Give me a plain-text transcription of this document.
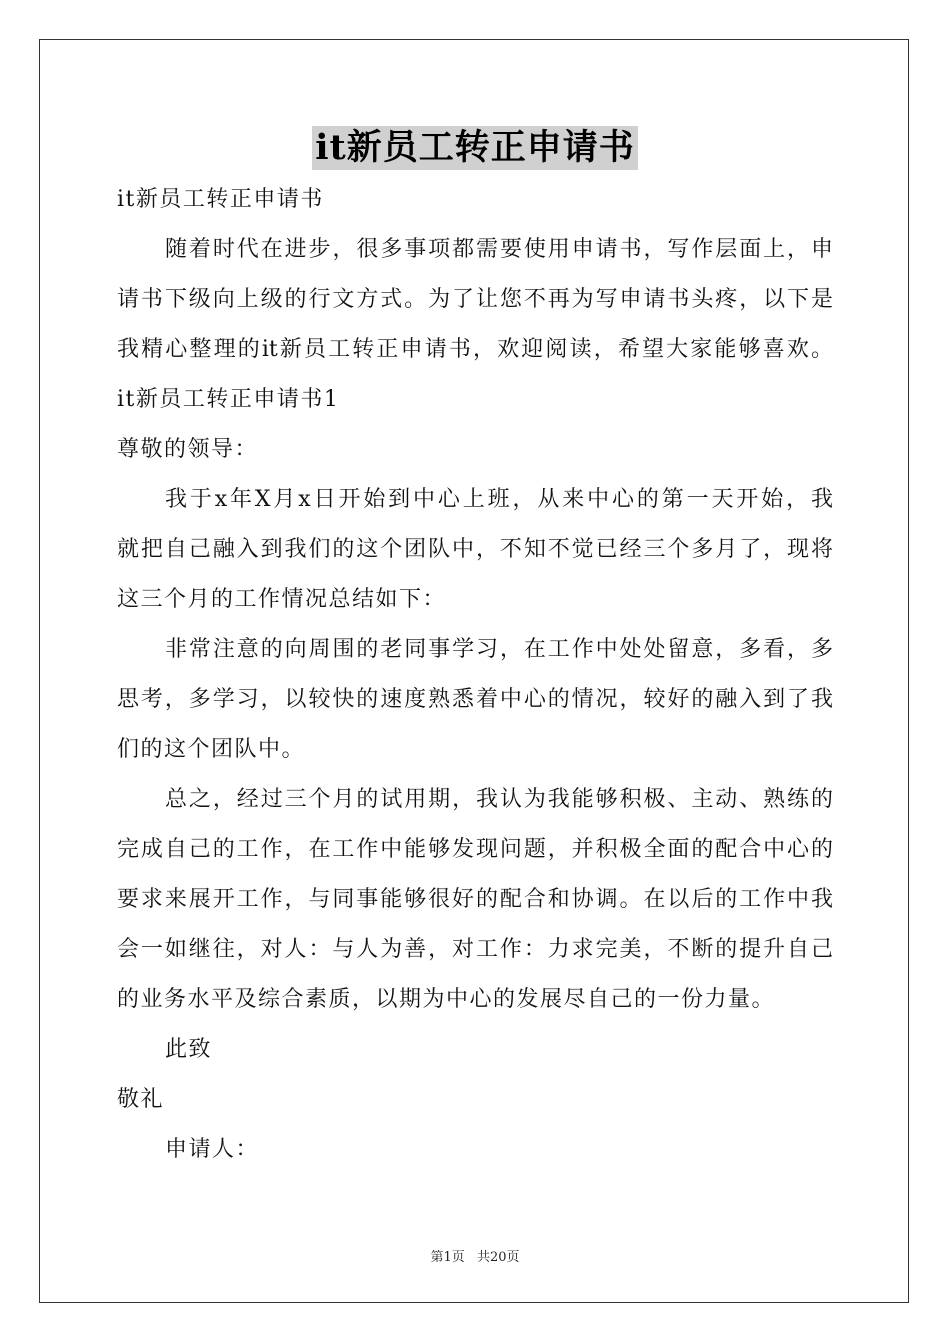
it新员工转正申请书
it新员工转正申请书
随着时代在进步，很多事项都需要使用申请书，写作层面上，申
请书下级向上级的行文方式。为了让您不再为写申请书头疼，以下是
我精心整理的it新员工转正申请书，欢迎阅读，希望大家能够喜欢。
it新员工转正申请书1
尊敬的领导：
我于x年X月x日开始到中心上班，从来中心的第一天开始，我
就把自己融入到我们的这个团队中，不知不觉已经三个多月了，现将
这三个月的工作情况总结如下：
非常注意的向周围的老同事学习，在工作中处处留意，多看，多
思考，多学习，以较快的速度熟悉着中心的情况，较好的融入到了我
们的这个团队中。
总之，经过三个月的试用期，我认为我能够积极、主动、熟练的
完成自己的工作，在工作中能够发现问题，并积极全面的配合中心的
要求来展开工作，与同事能够很好的配合和协调。在以后的工作中我
会一如继往，对人：与人为善，对工作：力求完美，不断的提升自己
的业务水平及综合素质，以期为中心的发展尽自己的一份力量。
此致
敬礼
申请人：
第1页 共20页
